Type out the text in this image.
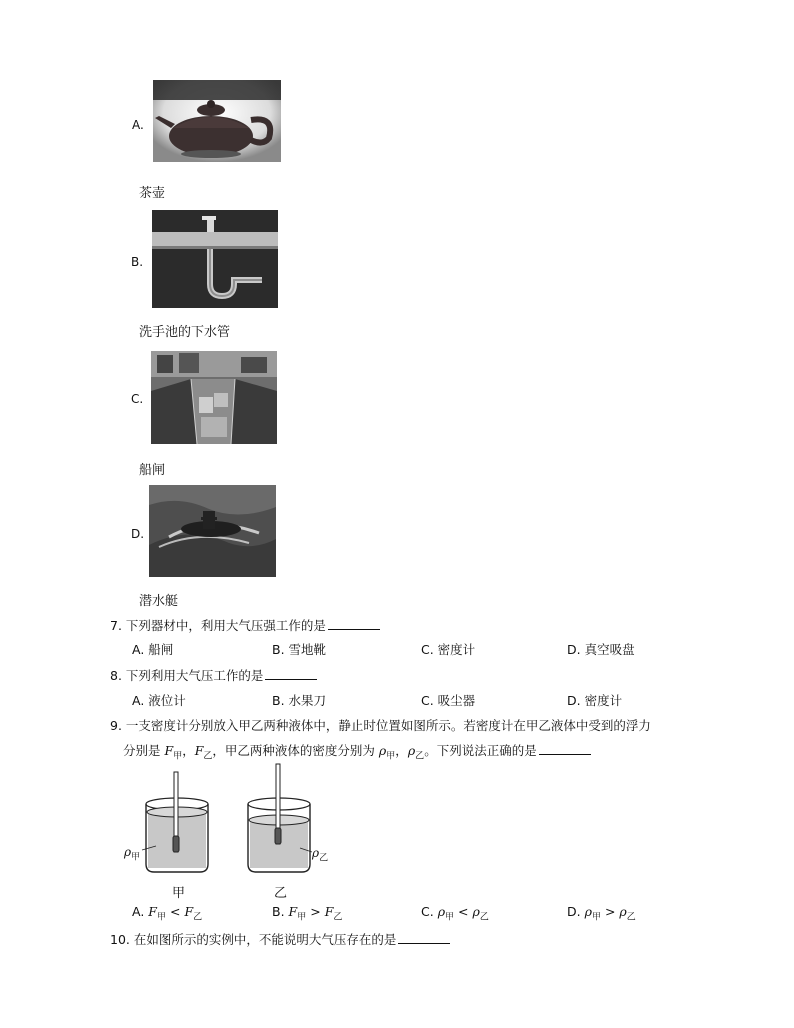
A.
茶壶
B.
洗手池的下水管
C.
船闸
D.
潜水艇
7. 下列器材中，利用大气压强工作的是
A. 船闸	B. 雪地靴	C. 密度计	D. 真空吸盘
8. 下列利用大气压工作的是
A. 液位计	B. 水果刀	C. 吸尘器	D. 密度计
9. 一支密度计分别放入甲乙两种液体中，静止时位置如图所示。若密度计在甲乙液体中受到的浮力
分别是 $F_甲$，$F_乙$，甲乙两种液体的密度分别为 $\rho_甲$，$\rho_乙$。下列说法正确的是
$\rho_甲$	$\rho_乙$
甲	乙
A. $F_甲 < F_乙$	B. $F_甲 > F_乙$	C. $\rho_甲 < \rho_乙$	D. $\rho_甲 > \rho_乙$
10. 在如图所示的实例中，不能说明大气压存在的是
